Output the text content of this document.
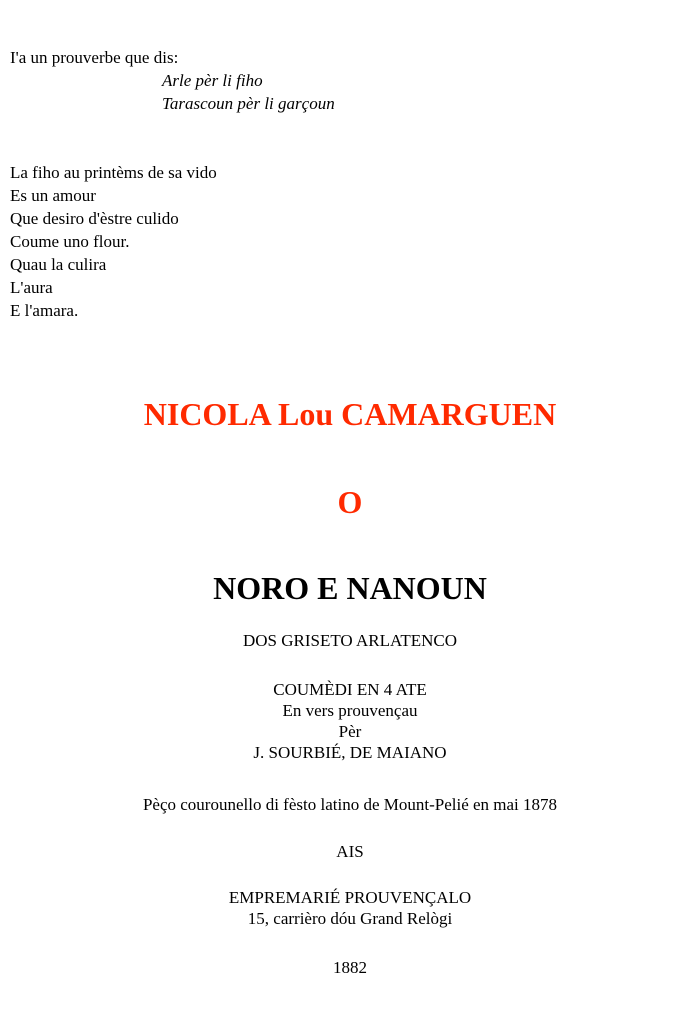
I'a un prouverbe que dis:
Arle pèr li fiho
Tarascoun pèr li garçoun
La fiho au printèms de sa vido
Es un amour
Que desiro d'èstre culido
Coume uno flour.
Quau la culira
L'aura
E l'amara.
NICOLA Lou CAMARGUEN
O
NORO E NANOUN
DOS GRISETO ARLATENCO
COUMÈDI EN 4 ATE
En vers prouvençau
Pèr
J. SOURBIÉ, DE MAIANO
Pèço courounello di fèsto latino de Mount-Pelié en mai 1878
AIS
EMPREMARIÉ PROUVENÇALO
15, carrièro dóu Grand Relògi
1882
